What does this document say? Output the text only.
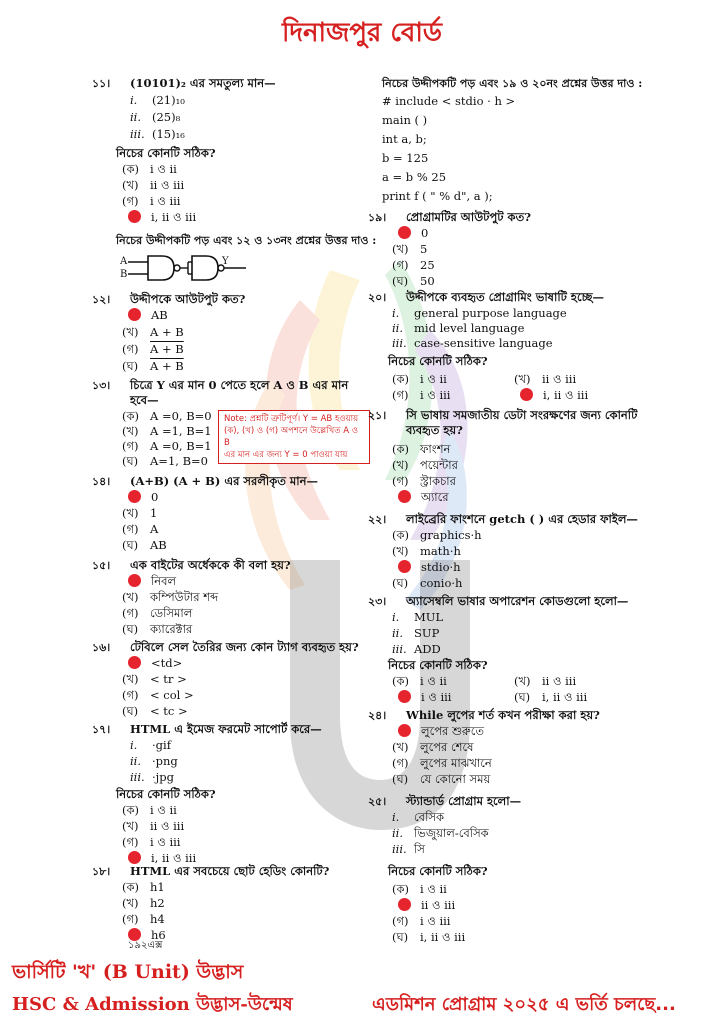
দিনাজপুর বোর্ড
১১।	(10101)₂ এর সমতুল্য মান—
i. (21)₁₀
ii. (25)₈
iii. (15)₁₆
নিচের কোনটি সঠিক?
(ক) i ও ii
(খ) ii ও iii
(গ) i ও iii
i, ii ও iii
নিচের উদ্দীপকটি পড় এবং ১২ ও ১৩নং প্রশ্নের উত্তর দাও :
A
B
Y
১২।	উদ্দীপকে আউটপুট কত?
AB
(খ) A + B
(গ) A + B
(ঘ) A + B
১৩।	চিত্রে Y এর মান 0 পেতে হলে A ও B এর মান
হবে—
(ক) A =0, B=0
(খ) A =1, B=1
(গ) A =0, B=1
(ঘ) A=1, B=0
Note: প্রশ্নটি ত্রুটিপূর্ণ। Y = AB হওয়ায়
(ক), (খ) ও (গ) অপশনে উল্লেখিত A ও B
এর মান এর জন্য Y = 0 পাওয়া যায়
১৪।	(A+B) (A + B) এর সরলীকৃত মান—
0
(খ) 1
(গ) A
(ঘ) AB
১৫।	এক বাইটের অর্ধেককে কী বলা হয়?
নিবল
(খ) কম্পিউটার শব্দ
(গ) ডেসিমাল
(ঘ) ক্যারেক্টার
১৬।	টেবিলে সেল তৈরির জন্য কোন ট্যাগ ব্যবহৃত হয়?
<td>
(খ) < tr >
(গ) < col >
(ঘ) < tc >
১৭।	HTML এ ইমেজ ফরমেট সাপোর্ট করে—
i. ·gif
ii. ·png
iii. ·jpg
নিচের কোনটি সঠিক?
(ক) i ও ii
(খ) ii ও iii
(গ) i ও iii
i, ii ও iii
১৮।	HTML এর সবচেয়ে ছোট হেডিং কোনটি?
(ক) h1
(খ) h2
(গ) h4
h6
নিচের উদ্দীপকটি পড় এবং ১৯ ও ২০নং প্রশ্নের উত্তর দাও :
# include < stdio · h >
main ( )
int a, b;
b = 125
a = b % 25
print f ( " % d", a );
১৯।	প্রোগ্রামটির আউটপুট কত?
0
(খ) 5
(গ) 25
(ঘ) 50
২০।	উদ্দীপকে ব্যবহৃত প্রোগ্রামিং ভাষাটি হচ্ছে—
i. general purpose language
ii. mid level language
iii. case-sensitive language
নিচের কোনটি সঠিক?
(ক) i ও ii	(খ) ii ও iii
(গ) i ও iii	i, ii ও iii
২১।	সি ভাষায় সমজাতীয় ডেটা সংরক্ষণের জন্য কোনটি
ব্যবহৃত হয়?
(ক) ফাংশন
(খ) পয়েন্টার
(গ) স্ট্রাকচার
অ্যারে
২২।	লাইব্রেরি ফাংশনে getch ( ) এর হেডার ফাইল—
(ক) graphics·h
(খ) math·h
stdio·h
(ঘ) conio·h
২৩।	অ্যাসেম্বলি ভাষার অপারেশন কোডগুলো হলো—
i. MUL
ii. SUP
iii. ADD
নিচের কোনটি সঠিক?
(ক) i ও ii	(খ) ii ও iii
i ও iii	(ঘ) i, ii ও iii
২৪।	While লুপের শর্ত কখন পরীক্ষা করা হয়?
লুপের শুরুতে
(খ) লুপের শেষে
(গ) লুপের মাঝখানে
(ঘ) যে কোনো সময়
২৫।	স্ট্যান্ডার্ড প্রোগ্রাম হলো—
i. বেসিক
ii. ভিজুয়াল-বেসিক
iii. সি
নিচের কোনটি সঠিক?
(ক) i ও ii
ii ও iii
(গ) i ও iii
(ঘ) i, ii ও iii
১৯২এক্স
ভার্সিটি 'খ' (B Unit) উদ্ভাস
HSC & Admission উদ্ভাস-উন্মেষ	এডমিশন প্রোগ্রাম ২০২৫ এ ভর্তি চলছে...
